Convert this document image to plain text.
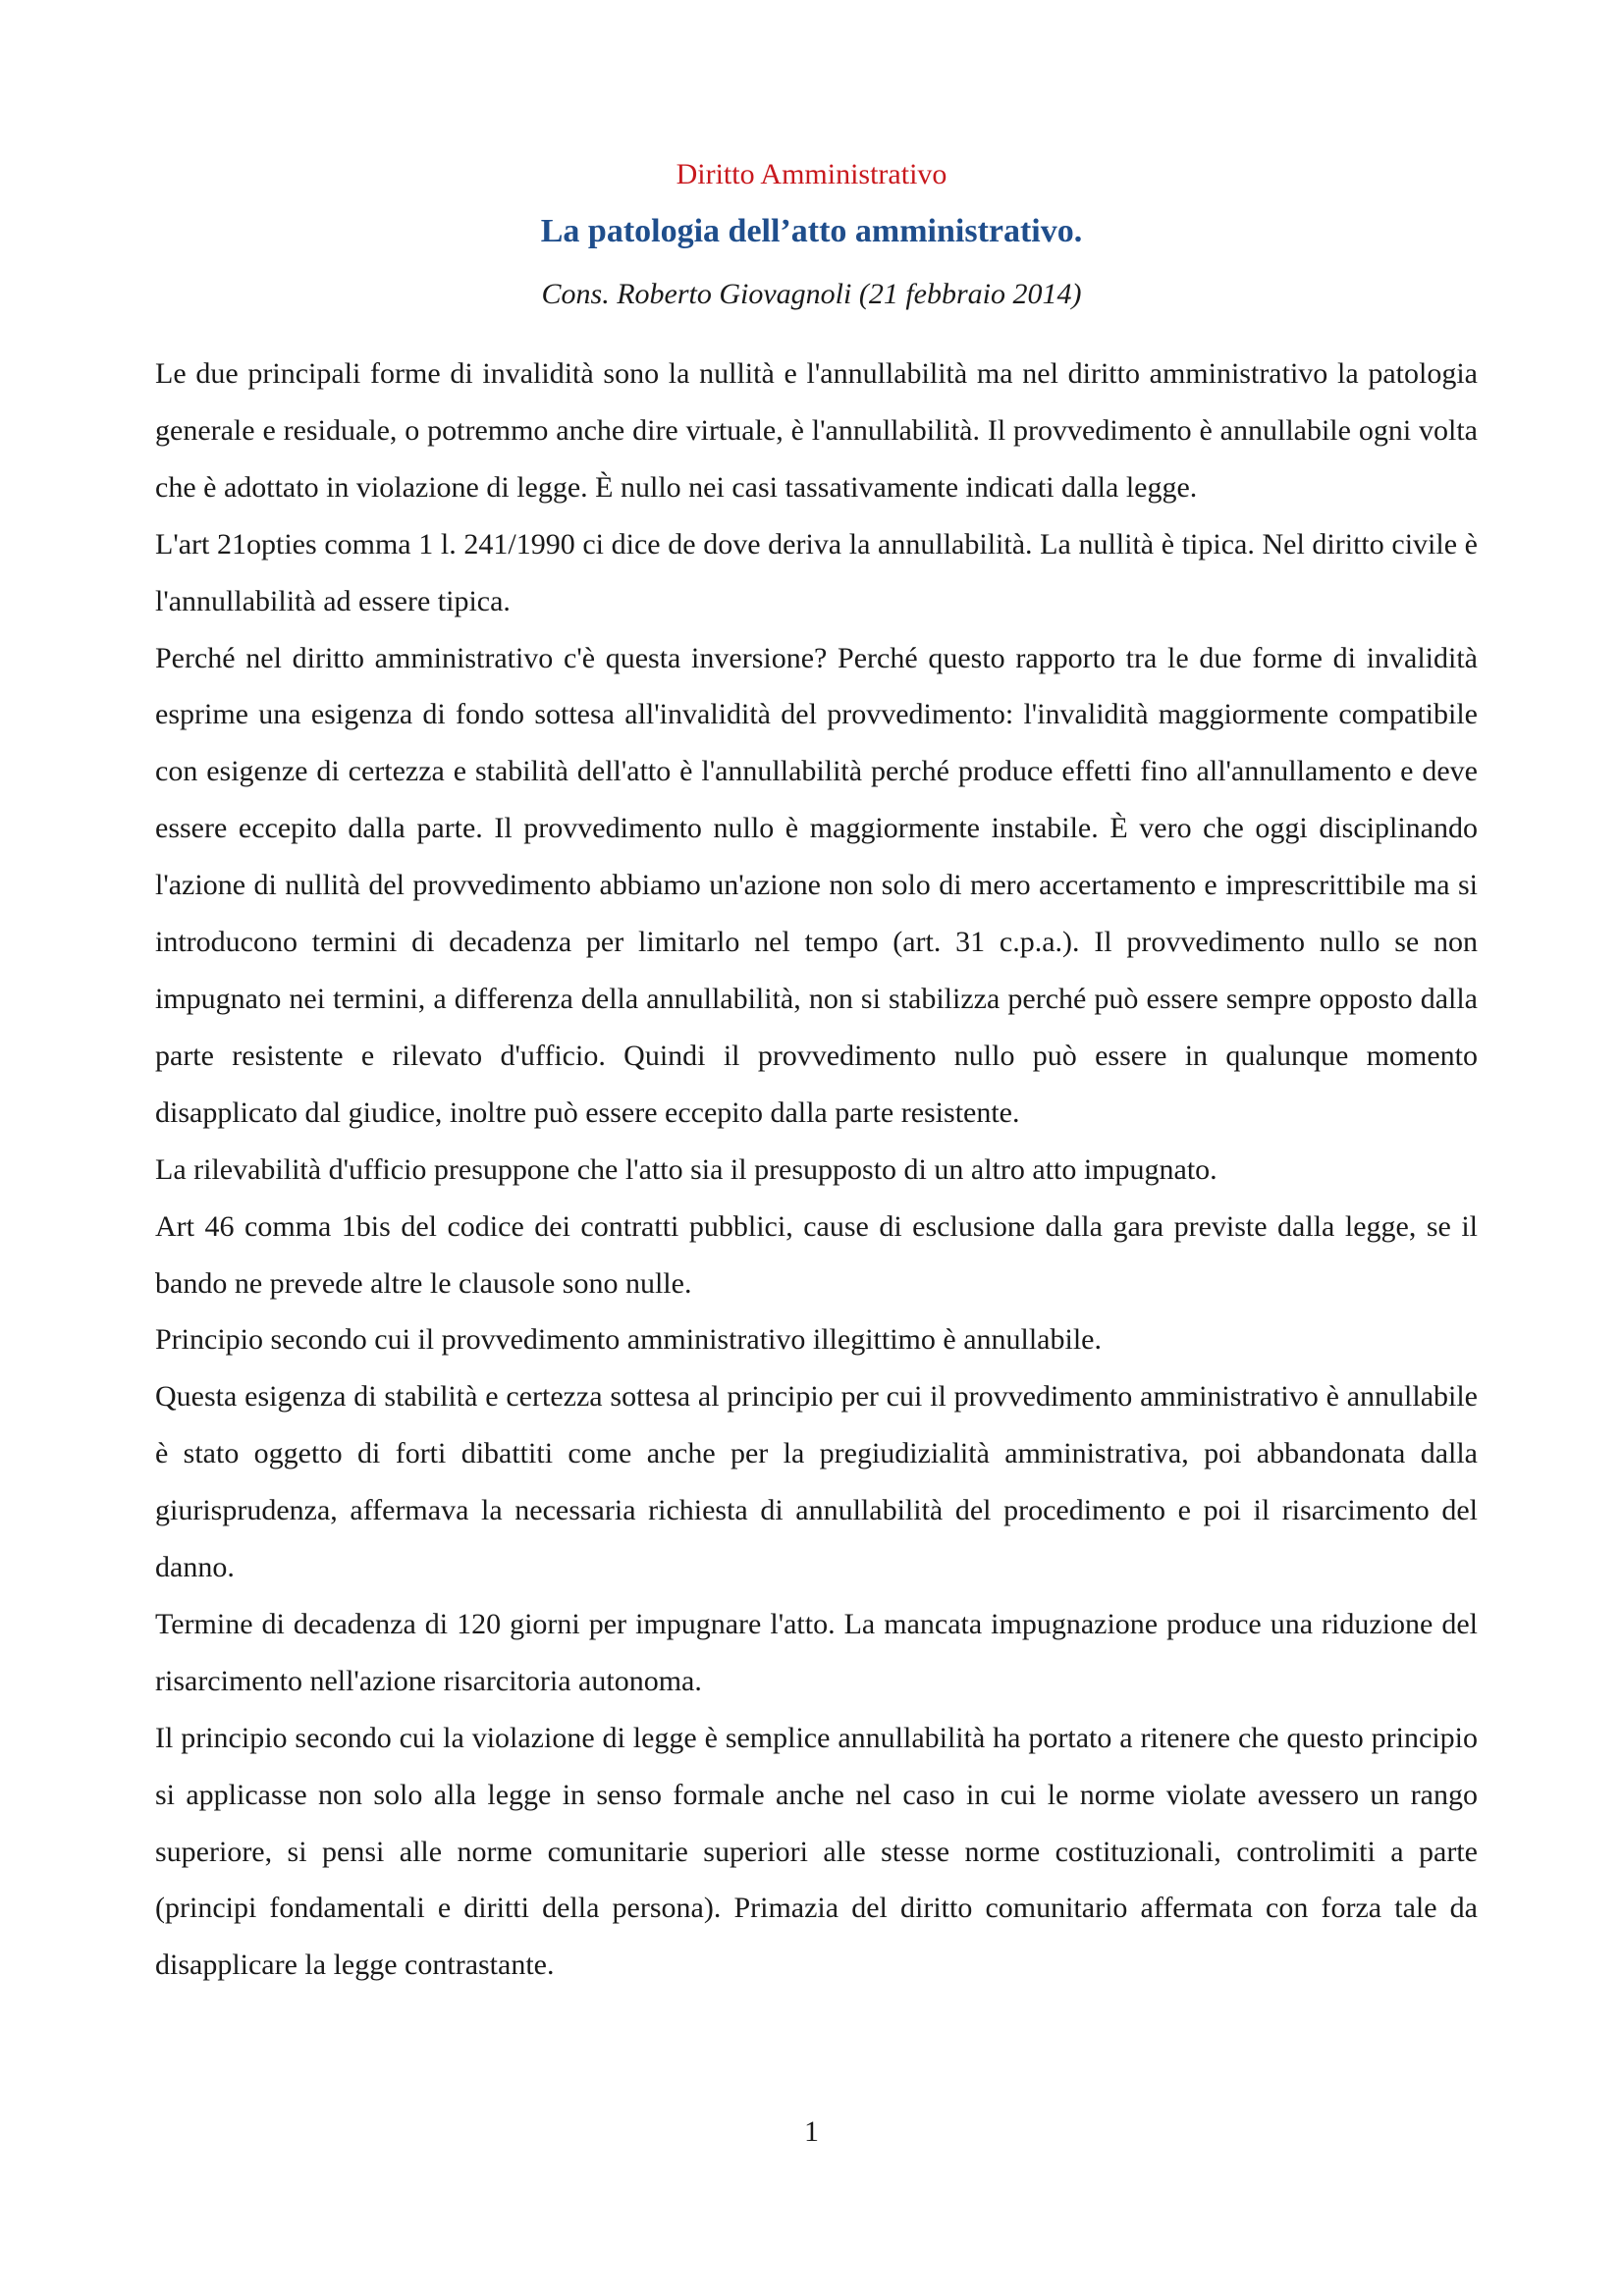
Diritto Amministrativo
La patologia dell’atto amministrativo.
Cons. Roberto Giovagnoli (21 febbraio 2014)

Le due principali forme di invalidità sono la nullità e l'annullabilità ma nel diritto amministrativo la patologia generale e residuale, o potremmo anche dire virtuale, è l'annullabilità. Il provvedimento è annullabile ogni volta che è adottato in violazione di legge. È nullo nei casi tassativamente indicati dalla legge.

L'art 21opties comma 1 l. 241/1990 ci dice de dove deriva la annullabilità. La nullità è tipica. Nel diritto civile è l'annullabilità ad essere tipica.

Perché nel diritto amministrativo c'è questa inversione? Perché questo rapporto tra le due forme di invalidità esprime una esigenza di fondo sottesa all'invalidità del provvedimento: l'invalidità maggiormente compatibile con esigenze di certezza e stabilità dell'atto è l'annullabilità perché produce effetti fino all'annullamento e deve essere eccepito dalla parte. Il provvedimento nullo è maggiormente instabile. È vero che oggi disciplinando l'azione di nullità del provvedimento abbiamo un'azione non solo di mero accertamento e imprescrittibile ma si introducono termini di decadenza per limitarlo nel tempo (art. 31 c.p.a.). Il provvedimento nullo se non impugnato nei termini, a differenza della annullabilità, non si stabilizza perché può essere sempre opposto dalla parte resistente e rilevato d'ufficio. Quindi il provvedimento nullo può essere in qualunque momento disapplicato dal giudice, inoltre può essere eccepito dalla parte resistente.

La rilevabilità d'ufficio presuppone che l'atto sia il presupposto di un altro atto impugnato.

Art 46 comma 1bis del codice dei contratti pubblici, cause di esclusione dalla gara previste dalla legge, se il bando ne prevede altre le clausole sono nulle.

Principio secondo cui il provvedimento amministrativo illegittimo è annullabile.

Questa esigenza di stabilità e certezza sottesa al principio per cui il provvedimento amministrativo è annullabile è stato oggetto di forti dibattiti come anche per la pregiudizialità amministrativa, poi abbandonata dalla giurisprudenza, affermava la necessaria richiesta di annullabilità del procedimento e poi il risarcimento del danno.

Termine di decadenza di 120 giorni per impugnare l'atto. La mancata impugnazione produce una riduzione del risarcimento nell'azione risarcitoria autonoma.

Il principio secondo cui la violazione di legge è semplice annullabilità ha portato a ritenere che questo principio si applicasse non solo alla legge in senso formale anche nel caso in cui le norme violate avessero un rango superiore, si pensi alle norme comunitarie superiori alle stesse norme costituzionali, controlimiti a parte (principi fondamentali e diritti della persona). Primazia del diritto comunitario affermata con forza tale da disapplicare la legge contrastante.

1
